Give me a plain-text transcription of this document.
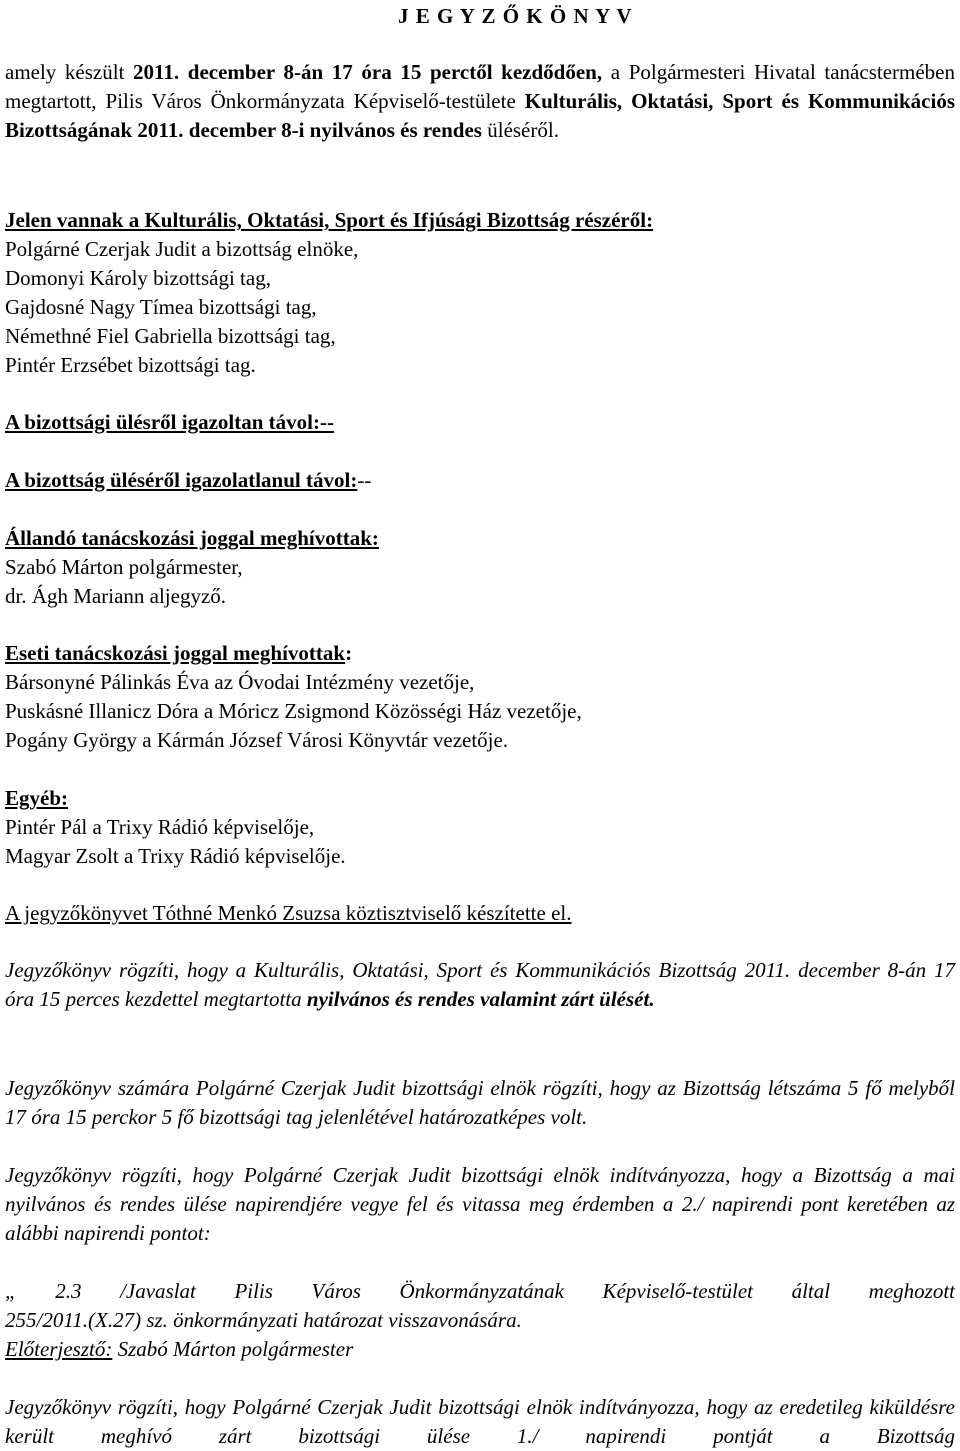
J E G Y Z Ő K Ö N Y V

amely készült 2011. december 8-án 17 óra 15 perctől kezdődően, a Polgármesteri Hivatal tanácstermében megtartott, Pilis Város Önkormányzata Képviselő-testülete Kulturális, Oktatási, Sport és Kommunikációs Bizottságának 2011. december 8-i nyilvános és rendes üléséről.

Jelen vannak a Kulturális, Oktatási, Sport és Ifjúsági Bizottság részéről:
Polgárné Czerjak Judit a bizottság elnöke,
Domonyi Károly bizottsági tag,
Gajdosné Nagy Tímea bizottsági tag,
Némethné Fiel Gabriella bizottsági tag,
Pintér Erzsébet bizottsági tag.

A bizottsági ülésről igazoltan távol:--

A bizottság üléséről igazolatlanul távol:--

Állandó tanácskozási joggal meghívottak:
Szabó Márton polgármester,
dr. Ágh Mariann aljegyző.
Eseti tanácskozási joggal meghívottak:
Bársonyné Pálinkás Éva az Óvodai Intézmény vezetője,
Puskásné Illanicz Dóra a Móricz Zsigmond Közösségi Ház vezetője,
Pogány György a Kármán József Városi Könyvtár vezetője.
Egyéb:
Pintér Pál a Trixy Rádió képviselője,
Magyar Zsolt a Trixy Rádió képviselője.

A jegyzőkönyvet Tóthné Menkó Zsuzsa köztisztviselő készítette el.

Jegyzőkönyv rögzíti, hogy a Kulturális, Oktatási, Sport és Kommunikációs Bizottság 2011. december 8-án 17 óra 15 perces kezdettel megtartotta nyilvános és rendes valamint zárt ülését.

Jegyzőkönyv számára Polgárné Czerjak Judit bizottsági elnök rögzíti, hogy az Bizottság létszáma 5 fő melyből 17 óra 15 perckor 5 fő bizottsági tag jelenlétével határozatképes volt.

Jegyzőkönyv rögzíti, hogy Polgárné Czerjak Judit bizottsági elnök indítványozza, hogy a Bizottság a mai nyilvános és rendes ülése napirendjére vegye fel és vitassa meg érdemben a 2./ napirendi pont keretében az alábbi napirendi pontot:

„ 2.3 /Javaslat Pilis Város Önkormányzatának Képviselő-testület által meghozott
255/2011.(X.27) sz. önkormányzati határozat visszavonására.
Előterjesztő: Szabó Márton polgármester

Jegyzőkönyv rögzíti, hogy Polgárné Czerjak Judit bizottsági elnök indítványozza, hogy az eredetileg kiküldésre került meghívó zárt bizottsági ülése 1./ napirendi pontját a Bizottság
